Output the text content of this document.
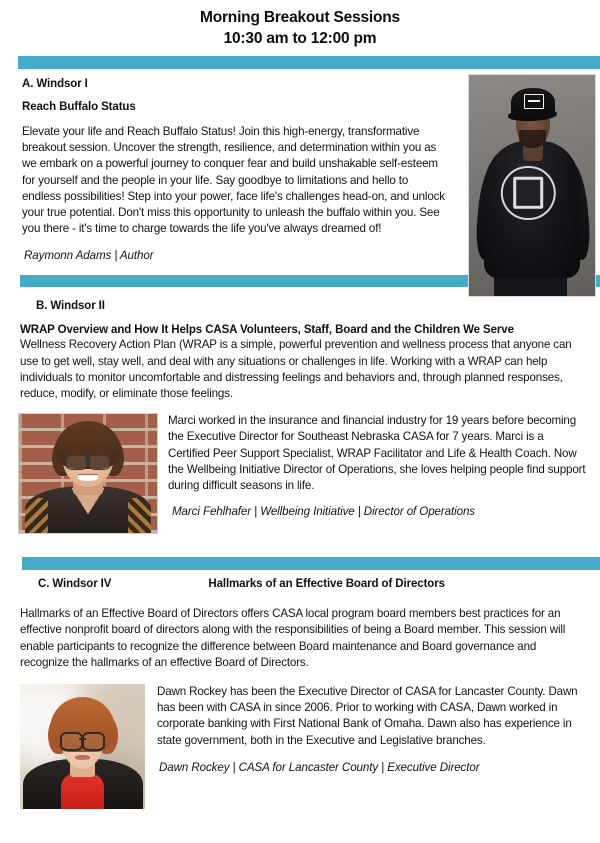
Morning Breakout Sessions
10:30 am to 12:00 pm
A. Windsor I
Reach Buffalo Status
Elevate your life and Reach Buffalo Status! Join this high-energy, transformative breakout session. Uncover the strength, resilience, and determination within you as we embark on a powerful journey to conquer fear and build unshakable self-esteem for yourself and the people in your life. Say goodbye to limitations and hello to endless possibilities! Step into your power, face life's challenges head-on, and unlock your true potential. Don't miss this opportunity to unleash the buffalo within you. See you there - it's time to charge towards the life you've always dreamed of!
Raymonn Adams | Author
B. Windsor II
WRAP Overview and How It Helps CASA Volunteers, Staff, Board and the Children We Serve
Wellness Recovery Action Plan (WRAP is a simple, powerful prevention and wellness process that anyone can use to get well, stay well, and deal with any situations or challenges in life. Working with a WRAP can help individuals to monitor uncomfortable and distressing feelings and behaviors and, through planned responses, reduce, modify, or eliminate those feelings.
Marci worked in the insurance and financial industry for 19 years before becoming the Executive Director for Southeast Nebraska CASA for 7 years. Marci is a Certified Peer Support Specialist, WRAP Facilitator and Life & Health Coach. Now the Wellbeing Initiative Director of Operations, she loves helping people find support during difficult seasons in life.
Marci Fehlhafer | Wellbeing Initiative | Director of Operations
C. Windsor IV	Hallmarks of an Effective Board of Directors
Hallmarks of an Effective Board of Directors offers CASA local program board members best practices for an effective nonprofit board of directors along with the responsibilities of being a Board member. This session will enable participants to recognize the difference between Board maintenance and Board governance and recognize the hallmarks of an effective Board of Directors.
Dawn Rockey has been the Executive Director of CASA for Lancaster County. Dawn has been with CASA in since 2006. Prior to working with CASA, Dawn worked in corporate banking with First National Bank of Omaha. Dawn also has experience in state government, both in the Executive and Legislative branches.
Dawn Rockey | CASA for Lancaster County | Executive Director
